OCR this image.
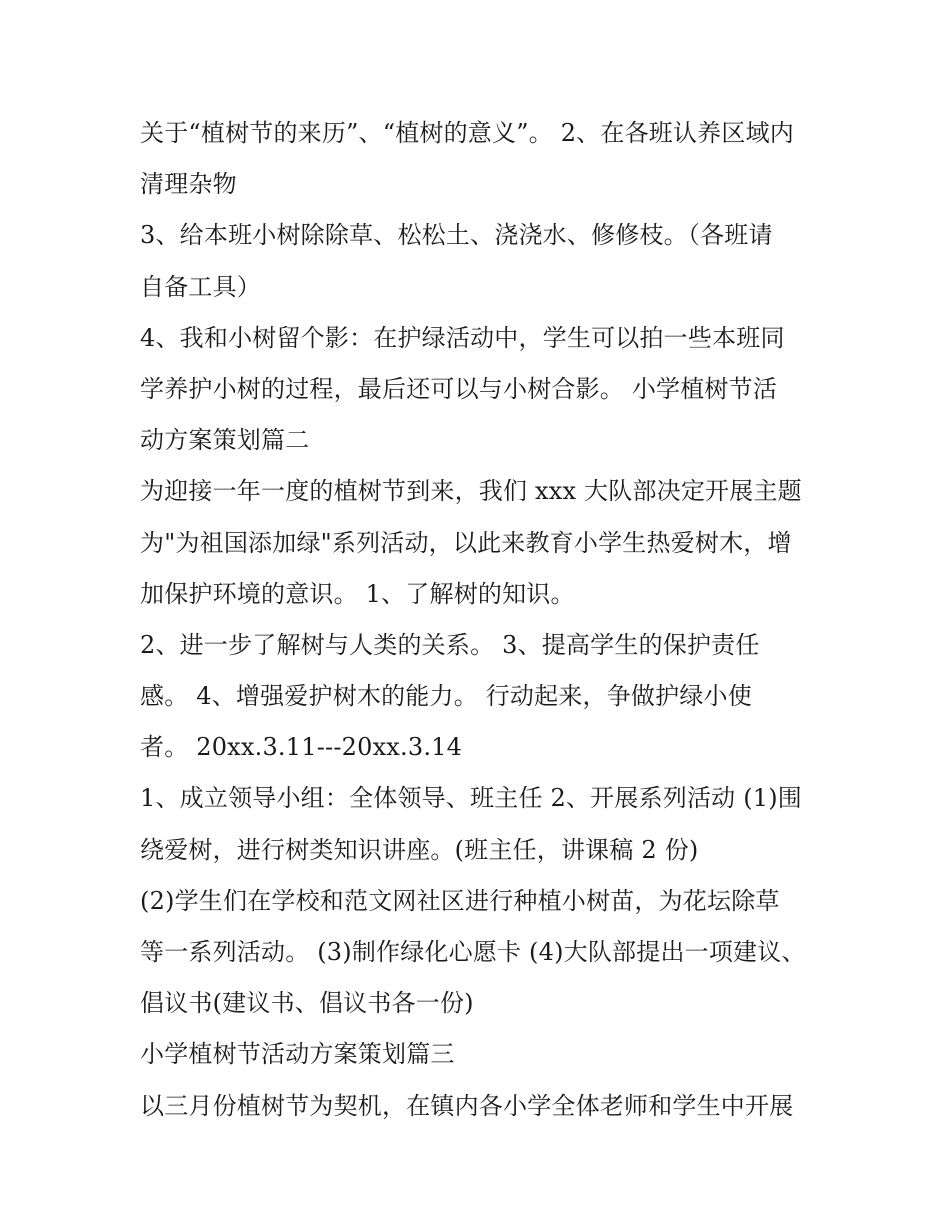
关于“植树节的来历”、“植树的意义”。 2、在各班认养区域内
清理杂物
3、给本班小树除除草、松松土、浇浇水、修修枝。（各班请
自备工具）
4、我和小树留个影：在护绿活动中，学生可以拍一些本班同
学养护小树的过程，最后还可以与小树合影。 小学植树节活
动方案策划篇二
为迎接一年一度的植树节到来，我们 xxx 大队部决定开展主题
为"为祖国添加绿"系列活动，以此来教育小学生热爱树木，增
加保护环境的意识。 1、了解树的知识。
2、进一步了解树与人类的关系。 3、提高学生的保护责任
感。 4、增强爱护树木的能力。 行动起来，争做护绿小使
者。 20xx.3.11---20xx.3.14
1、成立领导小组：全体领导、班主任 2、开展系列活动 (1)围
绕爱树，进行树类知识讲座。(班主任，讲课稿 2 份)
(2)学生们在学校和范文网社区进行种植小树苗，为花坛除草
等一系列活动。 (3)制作绿化心愿卡 (4)大队部提出一项建议、
倡议书(建议书、倡议书各一份)
小学植树节活动方案策划篇三
以三月份植树节为契机，在镇内各小学全体老师和学生中开展
